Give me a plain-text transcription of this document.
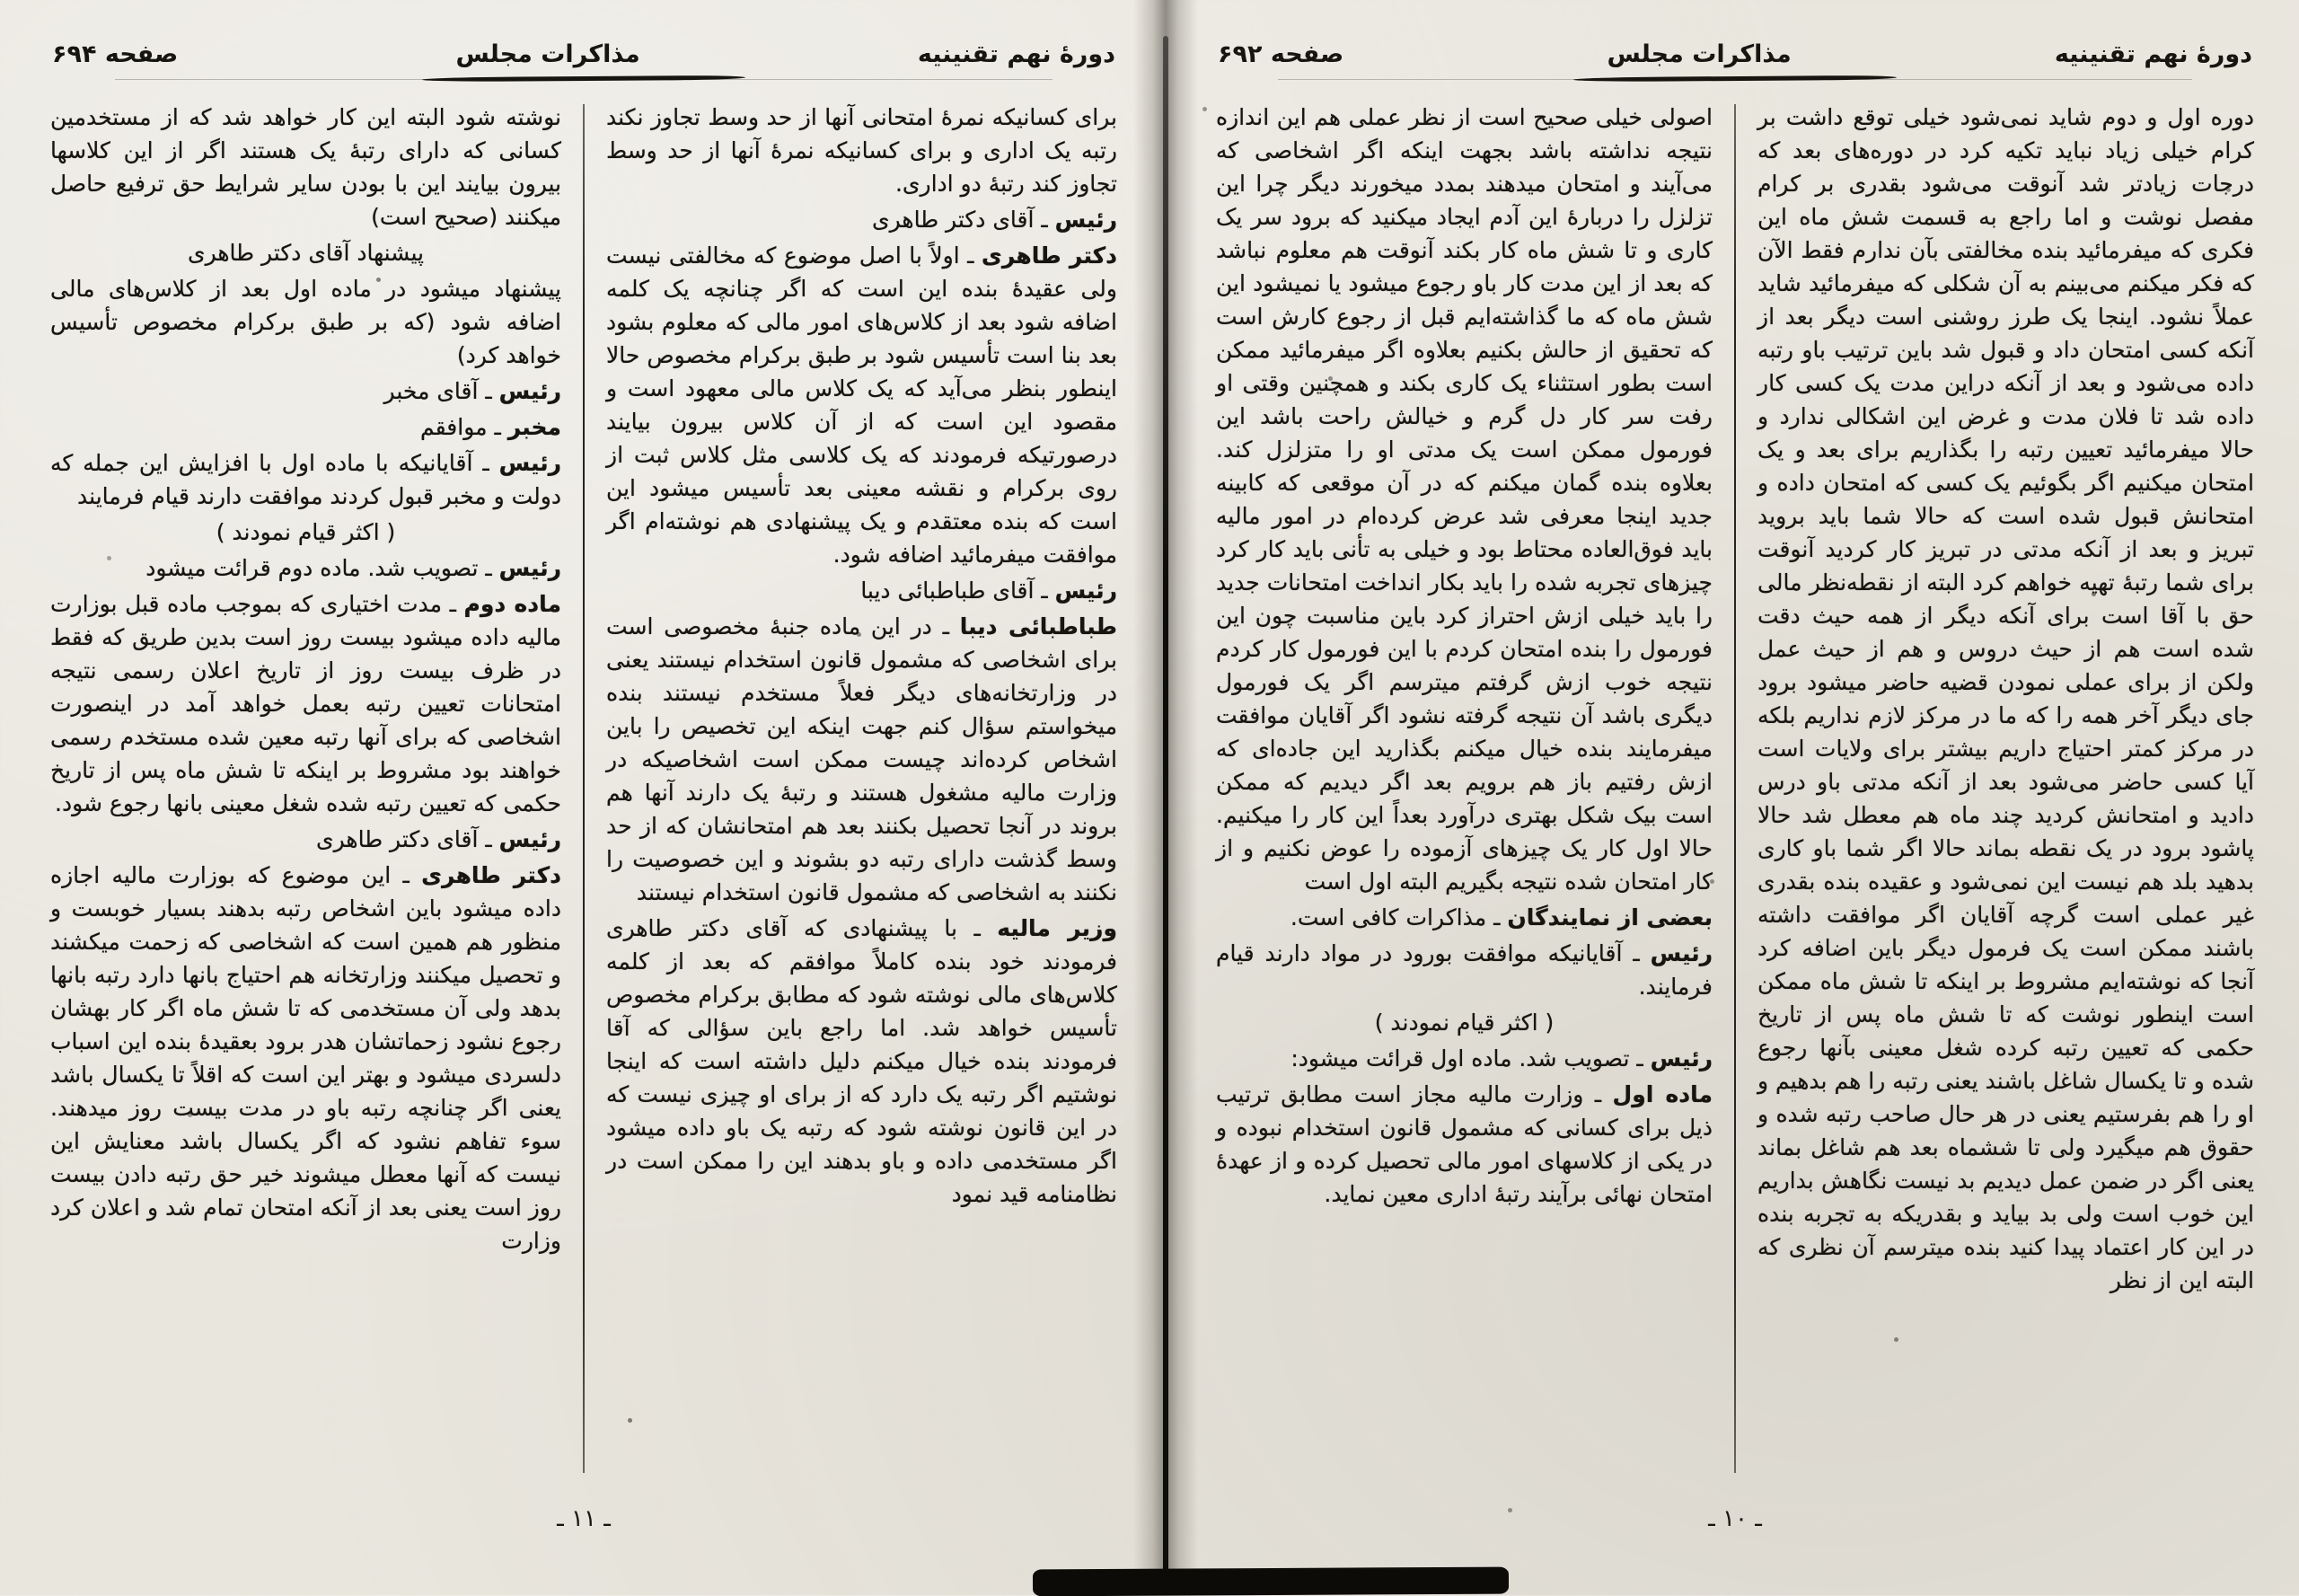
صفحه ۶۹۲	مذاکرات مجلس	دورهٔ نهم تقنینیه
دوره اول و دوم شاید نمی‌شود خیلی توقع داشت بر کرام خیلی زیاد نباید تکیه کرد در دوره‌های بعد که درجات زیادتر شد آنوقت می‌شود بقدری بر کرام مفصل نوشت و اما راجع به قسمت شش ماه این فکری که میفرمائید بنده مخالفتی بآن ندارم فقط الآن که فکر میکنم می‌بینم به آن شکلی که میفرمائید شاید عملاً نشود. اینجا یک طرز روشنی است دیگر بعد از آنکه کسی امتحان داد و قبول شد باین ترتیب باو رتبه داده می‌شود و بعد از آنکه دراین مدت یک کسی کار داده شد تا فلان مدت و غرض این اشکالی ندارد و حالا میفرمائید تعیین رتبه را بگذاریم برای بعد و یک امتحان میکنیم اگر بگوئیم یک کسی که امتحان داده و امتحانش قبول شده است که حالا شما باید بروید تبریز و بعد از آنکه مدتی در تبریز کار کردید آنوقت برای شما رتبهٔ تهیه خواهم کرد البته از نقطه‌نظر مالی حق با آقا است برای آنکه دیگر از همه حیث دقت شده است هم از حیث دروس و هم از حیث عمل ولکن از برای عملی نمودن قضیه حاضر میشود برود جای دیگر آخر همه را که ما در مرکز لازم نداریم بلکه در مرکز کمتر احتیاج داریم بیشتر برای ولایات است آیا کسی حاضر می‌شود بعد از آنکه مدتی باو درس دادید و امتحانش کردید چند ماه هم معطل شد حالا پاشود برود در یک نقطه بماند حالا اگر شما باو کاری بدهید بلد هم نیست این نمی‌شود و عقیده بنده بقدری غیر عملی است گرچه آقایان اگر موافقت داشته باشند ممکن است یک فرمول دیگر باین اضافه کرد آنجا که نوشته‌ایم مشروط بر اینکه تا شش ماه ممکن است اینطور نوشت که تا شش ماه پس از تاریخ حکمی که تعیین رتبه کرده شغل معینی بآنها رجوع شده و تا یکسال شاغل باشند یعنی رتبه را هم بدهیم و او را هم بفرستیم یعنی در هر حال صاحب رتبه شده و حقوق هم میگیرد ولی تا ششماه بعد هم شاغل بماند یعنی اگر در ضمن عمل دیدیم بد نیست نگاهش بداریم این خوب است ولی بد بیاید و بقدریکه به تجربه بنده در این کار اعتماد پیدا کنید بنده میترسم آن نظری که البته این از نظر
اصولی خیلی صحیح است از نظر عملی هم این اندازه نتیجه نداشته باشد بجهت اینکه اگر اشخاصی که می‌آیند و امتحان میدهند بمدد میخورند دیگر چرا این تزلزل را دربارهٔ این آدم ایجاد میکنید که برود سر یک کاری و تا شش ماه کار بکند آنوقت هم معلوم نباشد که بعد از این مدت کار باو رجوع میشود یا نمیشود این شش ماه که ما گذاشته‌ایم قبل از رجوع کارش است که تحقیق از حالش بکنیم بعلاوه اگر میفرمائید ممکن است بطور استثناء یک کاری بکند و همچنین وقتی او رفت سر کار دل گرم و خیالش راحت باشد این فورمول ممکن است یک مدتی او را متزلزل کند. بعلاوه بنده گمان میکنم که در آن موقعی که کابینه جدید اینجا معرفی شد عرض کرده‌ام در امور مالیه باید فوق‌العاده محتاط بود و خیلی به تأنی باید کار کرد چیزهای تجربه شده را باید بکار انداخت امتحانات جدید را باید خیلی ازش احتراز کرد باین مناسبت چون این فورمول را بنده امتحان کردم با این فورمول کار کردم نتیجه خوب ازش گرفتم میترسم اگر یک فورمول دیگری باشد آن نتیجه گرفته نشود اگر آقایان موافقت میفرمایند بنده خیال میکنم بگذارید این جاده‌ای که ازش رفتیم باز هم برویم بعد اگر دیدیم که ممکن است بیک شکل بهتری درآورد بعداً این کار را میکنیم. حالا اول کار یک چیزهای آزموده را عوض نکنیم و از کار امتحان شده نتیجه بگیریم البته اول است
بعضی از نمایندگان ـ مذاکرات کافی است.
رئیس ـ آقایانیکه موافقت بورود در مواد دارند قیام فرمایند.
( اکثر قیام نمودند )
رئیس ـ تصویب شد. ماده اول قرائت میشود:
ماده اول ـ وزارت مالیه مجاز است مطابق ترتیب ذیل برای کسانی که مشمول قانون استخدام نبوده و در یکی از کلاسهای امور مالی تحصیل کرده و از عهدهٔ امتحان نهائی برآیند رتبهٔ اداری معین نماید.
ـ ۱۰ ـ
صفحه ۶۹۴	مذاکرات مجلس	دورهٔ نهم تقنینیه
برای کسانیکه نمرهٔ امتحانی آنها از حد وسط تجاوز نکند رتبه یک اداری و برای کسانیکه نمرهٔ آنها از حد وسط تجاوز کند رتبهٔ دو اداری.
رئیس ـ آقای دکتر طاهری
دکتر طاهری ـ اولاً با اصل موضوع که مخالفتی نیست ولی عقیدهٔ بنده این است که اگر چنانچه یک کلمه اضافه شود بعد از کلاس‌های امور مالی که معلوم بشود بعد بنا است تأسیس شود بر طبق برکرام مخصوص حالا اینطور بنظر می‌آید که یک کلاس مالی معهود است و مقصود این است که از آن کلاس بیرون بیایند درصورتیکه فرمودند که یک کلاسی مثل کلاس ثبت از روی برکرام و نقشه معینی بعد تأسیس میشود این است که بنده معتقدم و یک پیشنهادی هم نوشته‌ام اگر موافقت میفرمائید اضافه شود.
رئیس ـ آقای طباطبائی دیبا
طباطبائی دیبا ـ در این ماده جنبهٔ مخصوصی است برای اشخاصی که مشمول قانون استخدام نیستند یعنی در وزارتخانه‌های دیگر فعلاً مستخدم نیستند بنده میخواستم سؤال کنم جهت اینکه این تخصیص را باین اشخاص کرده‌اند چیست ممکن است اشخاصیکه در وزارت مالیه مشغول هستند و رتبهٔ یک دارند آنها هم بروند در آنجا تحصیل بکنند بعد هم امتحانشان که از حد وسط گذشت دارای رتبه دو بشوند و این خصوصیت را نکنند به اشخاصی که مشمول قانون استخدام نیستند
وزیر مالیه ـ با پیشنهادی که آقای دکتر طاهری فرمودند خود بنده کاملاً موافقم که بعد از کلمه کلاس‌های مالی نوشته شود که مطابق برکرام مخصوص تأسیس خواهد شد. اما راجع باین سؤالی که آقا فرمودند بنده خیال میکنم دلیل داشته است که اینجا نوشتیم اگر رتبه یک دارد که از برای او چیزی نیست که در این قانون نوشته شود که رتبه یک باو داده میشود اگر مستخدمی داده و باو بدهند این را ممکن است در نظامنامه قید نمود
نوشته شود البته این کار خواهد شد که از مستخدمین کسانی که دارای رتبهٔ یک هستند اگر از این کلاسها بیرون بیایند این با بودن سایر شرایط حق ترفیع حاصل میکنند (صحیح است)
پیشنهاد آقای دکتر طاهری
پیشنهاد میشود در ماده اول بعد از کلاس‌های مالی اضافه شود (که بر طبق برکرام مخصوص تأسیس خواهد کرد)
رئیس ـ آقای مخبر
مخبر ـ موافقم
رئیس ـ آقایانیکه با ماده اول با افزایش این جمله که دولت و مخبر قبول کردند موافقت دارند قیام فرمایند
( اکثر قیام نمودند )
رئیس ـ تصویب شد. ماده دوم قرائت میشود
ماده دوم ـ مدت اختیاری که بموجب ماده قبل بوزارت مالیه داده میشود بیست روز است بدین طریق که فقط در ظرف بیست روز از تاریخ اعلان رسمی نتیجه امتحانات تعیین رتبه بعمل خواهد آمد در اینصورت اشخاصی که برای آنها رتبه معین شده مستخدم رسمی خواهند بود مشروط بر اینکه تا شش ماه پس از تاریخ حکمی که تعیین رتبه شده شغل معینی بانها رجوع شود.
رئیس ـ آقای دکتر طاهری
دکتر طاهری ـ این موضوع که بوزارت مالیه اجازه داده میشود باین اشخاص رتبه بدهند بسیار خوبست و منظور هم همین است که اشخاصی که زحمت میکشند و تحصیل میکنند وزارتخانه هم احتیاج بانها دارد رتبه بانها بدهد ولی آن مستخدمی که تا شش ماه اگر کار بهشان رجوع نشود زحماتشان هدر برود بعقیدهٔ بنده این اسباب دلسردی میشود و بهتر این است که اقلاً تا یکسال باشد یعنی اگر چنانچه رتبه باو در مدت بیست روز میدهند. سوء تفاهم نشود که اگر یکسال باشد معنایش این نیست که آنها معطل میشوند خیر حق رتبه دادن بیست روز است یعنی بعد از آنکه امتحان تمام شد و اعلان کرد وزارت
ـ ۱۱ ـ
